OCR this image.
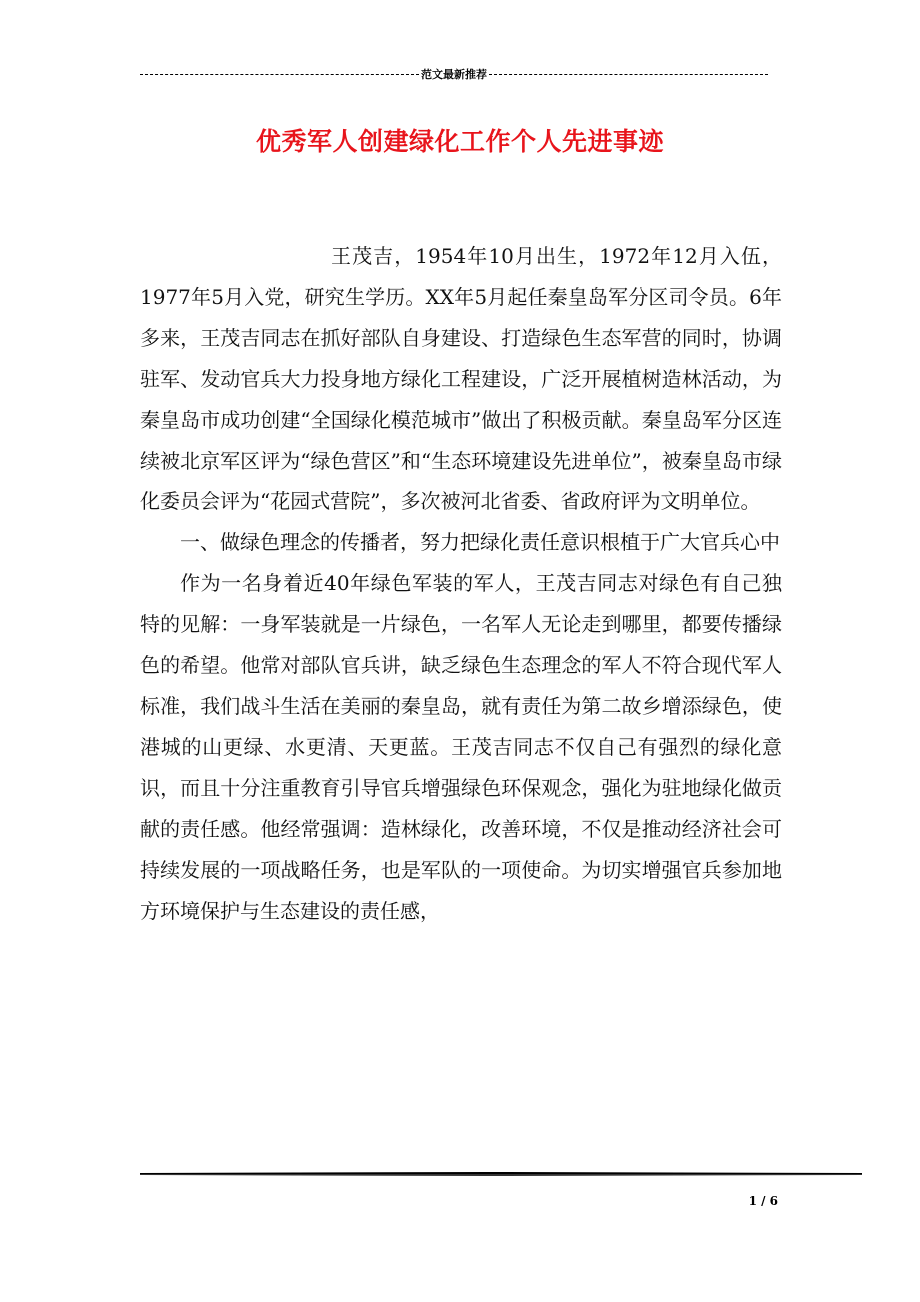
范文最新推荐
优秀军人创建绿化工作个人先进事迹

王茂吉，1954年10月出生，1972年12月入伍，1977年5月入党，研究生学历。XX年5月起任秦皇岛军分区司令员。6年多来，王茂吉同志在抓好部队自身建设、打造绿色生态军营的同时，协调驻军、发动官兵大力投身地方绿化工程建设，广泛开展植树造林活动，为秦皇岛市成功创建“全国绿化模范城市”做出了积极贡献。秦皇岛军分区连续被北京军区评为“绿色营区”和“生态环境建设先进单位”，被秦皇岛市绿化委员会评为“花园式营院”，多次被河北省委、省政府评为文明单位。

一、做绿色理念的传播者，努力把绿化责任意识根植于广大官兵心中

作为一名身着近40年绿色军装的军人，王茂吉同志对绿色有自己独特的见解：一身军装就是一片绿色，一名军人无论走到哪里，都要传播绿色的希望。他常对部队官兵讲，缺乏绿色生态理念的军人不符合现代军人标准，我们战斗生活在美丽的秦皇岛，就有责任为第二故乡增添绿色，使港城的山更绿、水更清、天更蓝。王茂吉同志不仅自己有强烈的绿化意识，而且十分注重教育引导官兵增强绿色环保观念，强化为驻地绿化做贡献的责任感。他经常强调：造林绿化，改善环境，不仅是推动经济社会可持续发展的一项战略任务，也是军队的一项使命。为切实增强官兵参加地方环境保护与生态建设的责任感，

1 / 6
